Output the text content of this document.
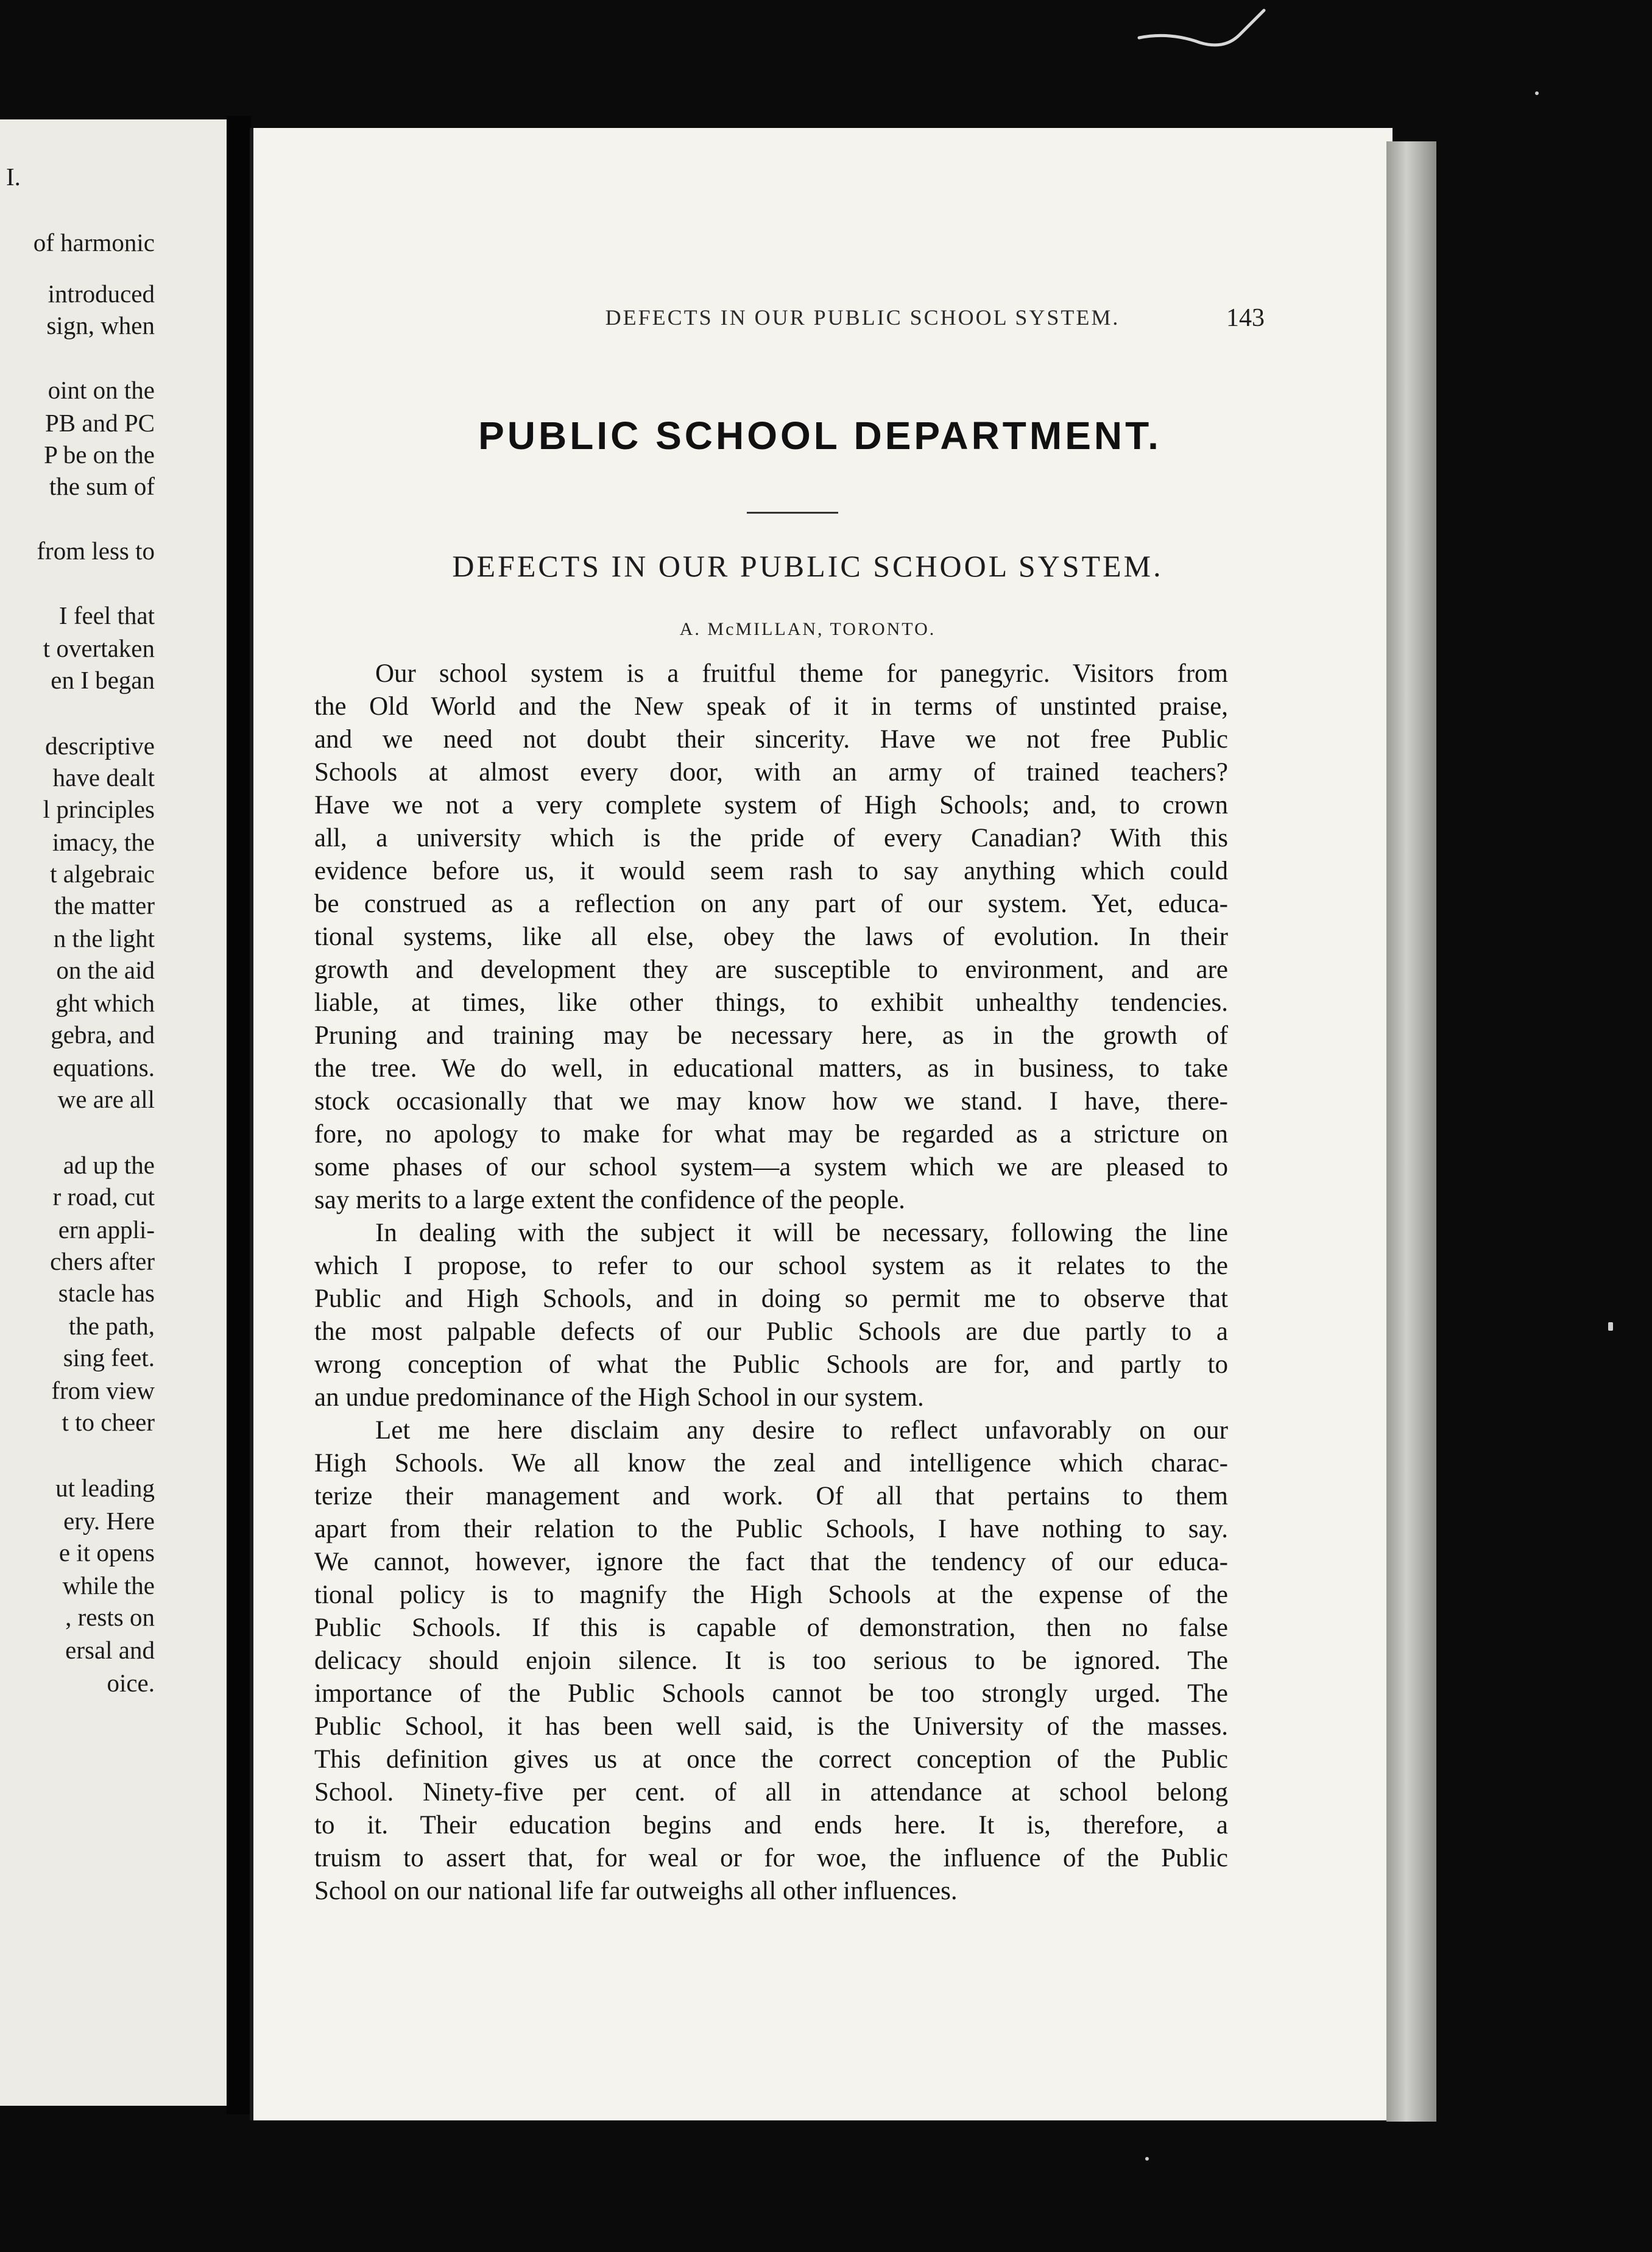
I.
of harmonic
introduced
sign, when
oint on the
PB and PC
P be on the
the sum of
from less to
I feel that
t overtaken
en I began
descriptive
have dealt
l principles
imacy, the
t algebraic
the matter
n the light
on the aid
ght which
gebra, and
equations.
we are all
ad up the
r road, cut
ern appli-
chers after
stacle has
the path,
sing feet.
from view
t to cheer
ut leading
ery. Here
e it opens
while the
, rests on
ersal and
oice.
DEFECTS IN OUR PUBLIC SCHOOL SYSTEM.	143
PUBLIC SCHOOL DEPARTMENT.
DEFECTS IN OUR PUBLIC SCHOOL SYSTEM.
A. McMILLAN, TORONTO.

Our school system is a fruitful theme for panegyric. Visitors from

the Old World and the New speak of it in terms of unstinted praise,

and we need not doubt their sincerity. Have we not free Public

Schools at almost every door, with an army of trained teachers?

Have we not a very complete system of High Schools; and, to crown

all, a university which is the pride of every Canadian? With this

evidence before us, it would seem rash to say anything which could

be construed as a reflection on any part of our system. Yet, educa-

tional systems, like all else, obey the laws of evolution. In their

growth and development they are susceptible to environment, and are

liable, at times, like other things, to exhibit unhealthy tendencies.

Pruning and training may be necessary here, as in the growth of

the tree. We do well, in educational matters, as in business, to take

stock occasionally that we may know how we stand. I have, there-

fore, no apology to make for what may be regarded as a stricture on

some phases of our school system—a system which we are pleased to

say merits to a large extent the confidence of the people.

In dealing with the subject it will be necessary, following the line

which I propose, to refer to our school system as it relates to the

Public and High Schools, and in doing so permit me to observe that

the most palpable defects of our Public Schools are due partly to a

wrong conception of what the Public Schools are for, and partly to

an undue predominance of the High School in our system.

Let me here disclaim any desire to reflect unfavorably on our

High Schools. We all know the zeal and intelligence which charac-

terize their management and work. Of all that pertains to them

apart from their relation to the Public Schools, I have nothing to say.

We cannot, however, ignore the fact that the tendency of our educa-

tional policy is to magnify the High Schools at the expense of the

Public Schools. If this is capable of demonstration, then no false

delicacy should enjoin silence. It is too serious to be ignored. The

importance of the Public Schools cannot be too strongly urged. The

Public School, it has been well said, is the University of the masses.

This definition gives us at once the correct conception of the Public

School. Ninety-five per cent. of all in attendance at school belong

to it. Their education begins and ends here. It is, therefore, a

truism to assert that, for weal or for woe, the influence of the Public

School on our national life far outweighs all other influences.
